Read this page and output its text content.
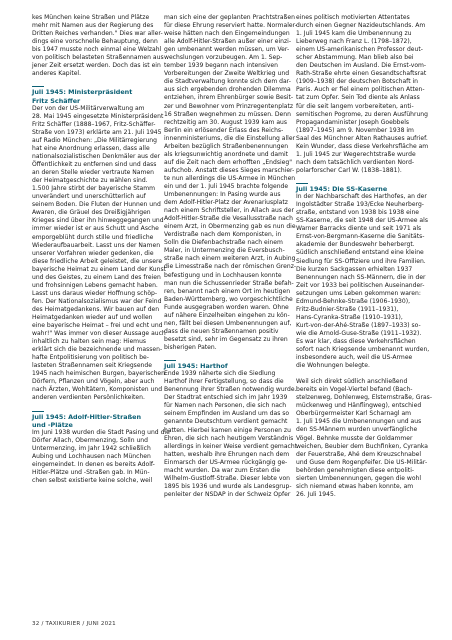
kes München keine Straßen und Plätze

mehr mit Namen aus der Regierung des

Dritten Reiches verhanden." Dies war aller-

dings eine vorschnelle Behauptung, denn

bis 1947 musste noch einmal eine Welzahl

von politisch belasteten Straßennamen aus

jener Zeit ersetzt werden. Doch das ist ein

anderes Kapitel.

Juli 1945: Ministerpräsident

Fritz Schäffer

Der von der US-Militärverwaltung am

28. Mai 1945 eingesetzte Ministerpräsident

Fritz Schäffer (1888–1967, Fritz-Schäffer-

Straße von 1973) erklärte am 21. Juli 1945

auf Radio München: „Die Militärregierung

hat eine Anordnung erlassen, dass alle

nationalsozialistischen Denkmäler aus der

Öffentlichkeit zu entfernen sind und dass

an deren Stelle wieder vertraute Namen

der Heimatgeschichte zu wählen sind.

1.500 Jahre stirbt der bayerische Stamm

unverändert und unerschütterlich auf

seinem Boden. Die Fluten der Hunnen und

Awaren, die Gräuel des Dreißigjährigen

Krieges sind über ihn hinweggegangen und

immer wieder ist er aus Schutt und Asche

emporgeblüht durch stille und friedliche

Wiederaufbauarbeit. Lasst uns der Namen

unserer Vorfahren wieder gedenken, die

diese friedliche Arbeit geleistet, die unsere

bayerische Heimat zu einem Land der Kunst

und des Geistes, zu einem Land des freien

und frohsinnigen Lebens gemacht haben.

Lasst uns daraus wieder Hoffnung schöp-

fen. Der Nationalsozialismus war der Feind

des Heimatgedankens. Wir bauen auf den

Heimatgedanken wieder auf und wollen

eine bayerische Heimat – frei und echt und

wahr!" Was immer von dieser Aussage auch

inhaltlich zu halten sein mag: Hiemus

erklärt sich die bezeichnende und massen-

hafte Entpolitisierung von politisch be-

lasteten Straßennamen seit Kriegsende

1945 nach heimischen Burgen, bayerischen

Dörfern, Pflanzen und Vögeln, aber auch

nach Ärzten, Wohltätern, Komponisten und

anderen verdienten Persönlichkeiten.

Juli 1945: Adolf-Hitler-Straßen

und -Plätze

Im Juni 1938 wurden die Stadt Pasing und die

Dörfer Allach, Obermenzing, Solln und

Untermenzing, im Jahr 1942 schließlich

Aubing und Lochhausen nach München

eingemeindet. In denen es bereits Adolf-

Hitler-Plätze und -Straßen gab. In Mün-

chen selbst existierte keine solche, weil

man sich eine der geplanten Prachtstraßen

für diese Ehrung reserviert hatte. Normaler-

weise hätten nach den Eingemeindungen

alle Adolf-Hitler-Straßen außer einer einzi-

gen umbenannt werden müssen, um Ver-

wechslungen vorzubeugen. Am 1. Sep-

tember 1939 begann nach intensiven

Vorbereitungen der Zweite Weltkrieg und

die Stadtverwaltung konnte sich dem dar-

aus sich ergebenden drohenden Dilemma

entziehen, ihrem Ehrenbürger sowie Besit-

zer und Bewohner vom Prinzregentenplatz

16 Straßen wegnehmen zu müssen. Denn

rechtzeitig am 30. August 1939 kam aus

Berlin ein erlösender Erlass des Reichs-

innenministeriums, die die Einstellung aller

Arbeiten bezüglich Straßenbenennungen

als kriegsunwichtig anordnete und damit

auf die Zeit nach dem erhofften „Endsieg"

aufschob. Anstatt dieses Sieges marschier-

te nun allerdings die US-Armee in München

ein und der 1. Juli 1945 brachte folgende

Umbenennungen: In Pasing wurde aus

dem Adolf-Hitler-Platz der Avenariusplatz

nach einem Schriftsteller, in Allach aus der

Adolf-Hitler-Straße die Vesallusstraße nach

einem Arzt, in Obermenzing gab es nun die

Verdistraße nach dem Komponisten, in

Solln die Diefenbachstraße nach einem

Maler, in Untermenzing die Eversbusch-

straße nach einem weiteren Arzt, in Aubing

die Limesstraße nach der römischen Grenz-

befestigung und in Lochhausen konnte

man nun die Schussenrieder Straße befah-

ren, benannt nach einem Ort im heutigen

Baden-Württemberg, wo vorgeschichtliche

Funde ausgegraben worden waren. Ohne

auf nähere Einzelheiten eingehen zu kön-

nen, fällt bei diesen Umbenennungen auf,

dass die neuen Straßennamen positiv

besetzt sind, sehr im Gegensatz zu ihren

bisherigen Paten.

Juli 1945: Harthof

Ende 1939 näherte sich die Siedlung

Harthof ihrer Fertigstellung, so dass die

Benennung ihrer Straßen notwendig wurde.

Der Stadtrat entschied sich im Jahr 1939

für Namen nach Personen, die sich nach

seinem Empfinden im Ausland um das so

genannte Deutschtum verdient gemacht

hatten. Hierbei kamen einige Personen zu

Ehren, die sich nach heutigem Verständnis

allerdings in keiner Weise verdient gemacht

hatten, weshalb ihre Ehrungen nach dem

Einmarsch der US-Armee rückgängig ge-

macht wurden. Da war zum Ersten die

Wilhelm-Gustloff-Straße. Dieser lebte von

1895 bis 1936 und wurde als Landesgrup-

penleiter der NSDAP in der Schweiz Opfer

eines politisch motivierten Attentates

durch einen Gegner Nazideutschlands. Am

1. Juli 1945 kam die Umbenennung zu

Lieberweg nach Franz L. (1798–1872),

einem US-amerikanischen Professor deut-

scher Abstammung. Man blieb also bei

den Deutschen im Ausland. Die Ernst-vom-

Rath-Straße ehrte einen Gesandtschaftsrat

(1909–1938) der deutschen Botschaft in

Paris. Auch er fiel einem politischen Atten-

tat zum Opfer. Sein Tod diente als Anlass

für die seit langem vorbereiteten, anti-

semitischen Pogrome, zu deren Ausführung

Propagandaminister Joseph Goebbels

(1897–1945) am 9. November 1938 im

Saal des Münchner Alten Rathauses aufrief.

Kein Wunder, dass diese Verkehrsfläche am

1. Juli 1945 zur Wegerechtstraße wurde

nach dem tatsächlich verdienten Nord-

polarforscher Carl W. (1838–1881).

Juli 1945: Die SS-Kaserne

In der Nachbarschaft des Harthofes, an der

Ingolstädter Straße 193/Ecke Neuherberg-

straße, entstand von 1938 bis 1938 eine

SS-Kaserne, die seit 1948 der US-Armee als

Warner Barracks diente und seit 1971 als

Ernst-von-Bergmann-Kaserne die Sanitäts-

akademie der Bundeswehr beherbergt.

Südlich anschließend entstand eine kleine

Siedlung für SS-Offiziere und ihre Familien.

Die kurzen Sackgassen erhielten 1937

Benennungen nach SS-Männern, die in der

Zeit vor 1933 bei politischen Auseinander-

setzungen ums Leben gekommen waren:

Edmund-Behnke-Straße (1906–1930),

Fritz-Budnier-Straße (1911–1931),

Hans-Cyranka-Straße (1910–1931),

Kurt-von-der-Ahé-Straße (1897–1933) so-

wie die Arnold-Guse-Straße (1911–1932).

Es war klar, dass diese Verkehrsflächen

sofort nach Kriegsende umbenannt wurden,

insbesondere auch, weil die US-Armee

die Wohnungen belegte.

Weil sich direkt südlich anschließend

bereits ein Vogel-Viertel befand (Bach-

stelzenweg, Dohlenweg, Elsternstraße, Gras-

mückenweg und Hänflingweg), entschied

Oberbürgermeister Karl Scharnagl am

1. Juli 1945 die Umbenennungen und aus

den SS-Männern wurden unverfängliche

Vögel. Behnke musste der Goldammer

weichen, Beubier dem Buchfinken, Cyranka

der Feuerstraße, Ahé dem Kreuzschnabel

und Guse dem Rogenpfeifer. Die US-Militär-

behörden genehmigten diese entpoliti-

sierten Umbenennungen, gegen die wohl

sich niemand etwas haben konnte, am

26. Juli 1945.

32 / TAXIKURIER / JUNI 2021
